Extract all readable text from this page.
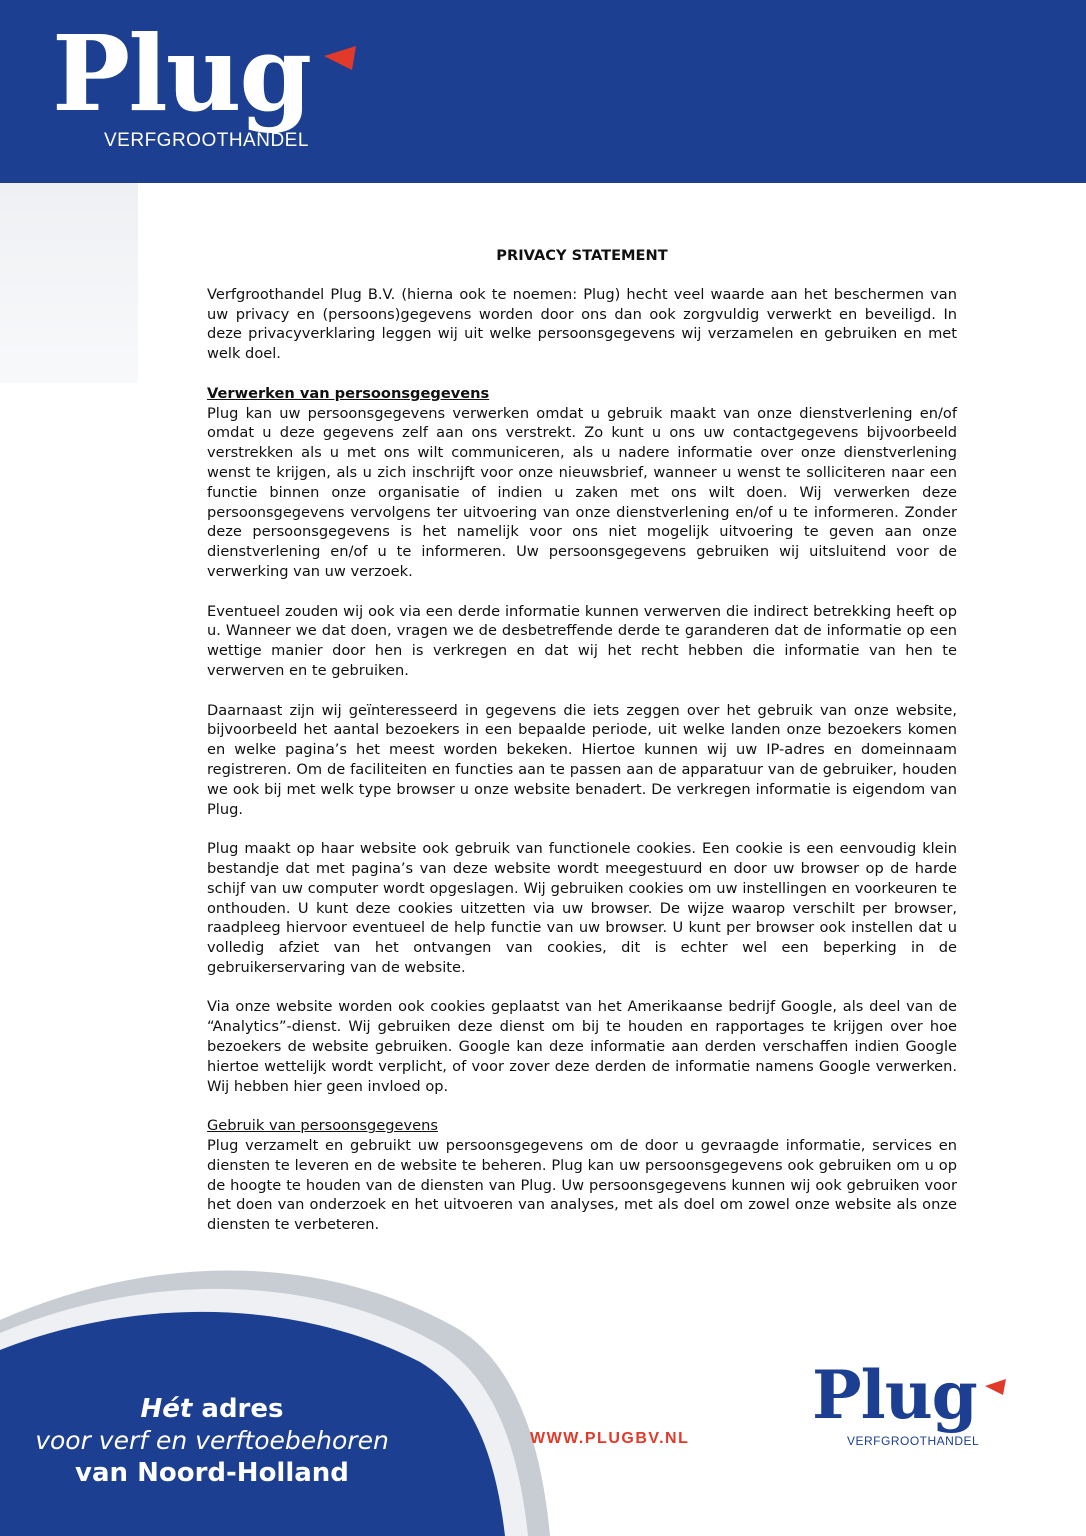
Plug
VERFGROOTHANDEL
PRIVACY STATEMENT

Verfgroothandel Plug B.V. (hierna ook te noemen: Plug) hecht veel waarde aan het beschermen van uw privacy en (persoons)gegevens worden door ons dan ook zorgvuldig verwerkt en beveiligd. In deze privacyverklaring leggen wij uit welke persoonsgegevens wij verzamelen en gebruiken en met welk doel.

Verwerken van persoonsgegevens

Plug kan uw persoonsgegevens verwerken omdat u gebruik maakt van onze dienstverlening en/of omdat u deze gegevens zelf aan ons verstrekt. Zo kunt u ons uw contactgegevens bijvoorbeeld verstrekken als u met ons wilt communiceren, als u nadere informatie over onze dienstverlening wenst te krijgen, als u zich inschrijft voor onze nieuwsbrief, wanneer u wenst te solliciteren naar een functie binnen onze organisatie of indien u zaken met ons wilt doen. Wij verwerken deze persoonsgegevens vervolgens ter uitvoering van onze dienstverlening en/of u te informeren. Zonder deze persoonsgegevens is het namelijk voor ons niet mogelijk uitvoering te geven aan onze dienstverlening en/of u te informeren. Uw persoonsgegevens gebruiken wij uitsluitend voor de verwerking van uw verzoek.

Eventueel zouden wij ook via een derde informatie kunnen verwerven die indirect betrekking heeft op u. Wanneer we dat doen, vragen we de desbetreffende derde te garanderen dat de informatie op een wettige manier door hen is verkregen en dat wij het recht hebben die informatie van hen te verwerven en te gebruiken.

Daarnaast zijn wij geïnteresseerd in gegevens die iets zeggen over het gebruik van onze website, bijvoorbeeld het aantal bezoekers in een bepaalde periode, uit welke landen onze bezoekers komen en welke pagina’s het meest worden bekeken. Hiertoe kunnen wij uw IP-adres en domeinnaam registreren. Om de faciliteiten en functies aan te passen aan de apparatuur van de gebruiker, houden we ook bij met welk type browser u onze website benadert. De verkregen informatie is eigendom van Plug.

Plug maakt op haar website ook gebruik van functionele cookies. Een cookie is een eenvoudig klein bestandje dat met pagina’s van deze website wordt meegestuurd en door uw browser op de harde schijf van uw computer wordt opgeslagen. Wij gebruiken cookies om uw instellingen en voorkeuren te onthouden. U kunt deze cookies uitzetten via uw browser. De wijze waarop verschilt per browser, raadpleeg hiervoor eventueel de help functie van uw browser. U kunt per browser ook instellen dat u volledig afziet van het ontvangen van cookies, dit is echter wel een beperking in de gebruikerservaring van de website.

Via onze website worden ook cookies geplaatst van het Amerikaanse bedrijf Google, als deel van de “Analytics”-dienst. Wij gebruiken deze dienst om bij te houden en rapportages te krijgen over hoe bezoekers de website gebruiken. Google kan deze informatie aan derden verschaffen indien Google hiertoe wettelijk wordt verplicht, of voor zover deze derden de informatie namens Google verwerken. Wij hebben hier geen invloed op.

Gebruik van persoonsgegevens

Plug verzamelt en gebruikt uw persoonsgegevens om de door u gevraagde informatie, services en diensten te leveren en de website te beheren. Plug kan uw persoonsgegevens ook gebruiken om u op de hoogte te houden van de diensten van Plug. Uw persoonsgegevens kunnen wij ook gebruiken voor het doen van onderzoek en het uitvoeren van analyses, met als doel om zowel onze website als onze diensten te verbeteren.

Hét adres
voor verf en verftoebehoren
van Noord-Holland
WWW.PLUGBV.NL
Plug
VERFGROOTHANDEL
